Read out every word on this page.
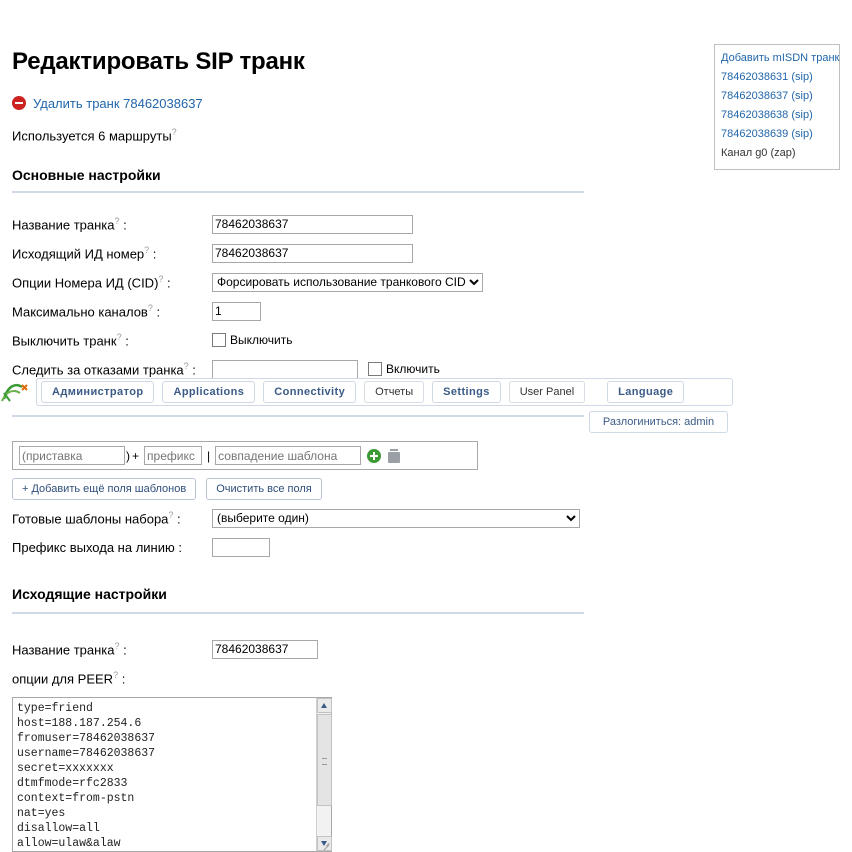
Добавить mISDN транк
78462038631 (sip)
78462038637 (sip)
78462038638 (sip)
78462038639 (sip)
Канал g0 (zap)
Редактировать SIP транк
Удалить транк 78462038637
Используется 6 маршруты?
Основные настройки
Название транка? :
78462038637
Исходящий ИД номер? :
78462038637
Опции Номера ИД (CID)? :
Форсировать использование транкового CID
Максимально каналов? :
1
Выключить транк? :	Выключить
Следить за отказами транка? :	Включить
Администратор	Applications	Connectivity	Отчеты	Settings	User Panel	Language
Разлогиниться: admin
(приставка
) +
префикс	|
совпадение шаблона
+ Добавить ещё поля шаблонов	Очистить все поля
Готовые шаблоны набора? :
(выберите один)
Префикс выхода на линию :
Исходящие настройки
Название транка? :
78462038637
опции для PEER? :
type=friend host=188.187.254.6 fromuser=78462038637 username=78462038637 secret=xxxxxxx dtmfmode=rfc2833 context=from-pstn nat=yes disallow=all allow=ulaw&alaw
